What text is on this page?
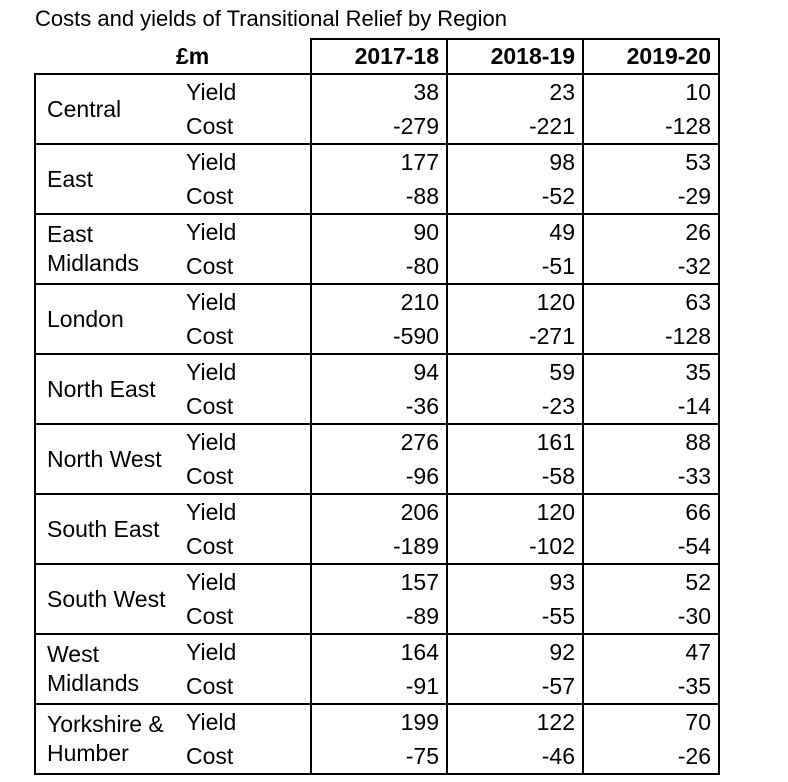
Costs and yields of Transitional Relief by Region
	£m	2017-18	2018-19	2019-20
Central	Yield	38	23	10
	Cost	-279	-221	-128
East	Yield	177	98	53
	Cost	-88	-52	-29
East Midlands	Yield	90	49	26
	Cost	-80	-51	-32
London	Yield	210	120	63
	Cost	-590	-271	-128
North East	Yield	94	59	35
	Cost	-36	-23	-14
North West	Yield	276	161	88
	Cost	-96	-58	-33
South East	Yield	206	120	66
	Cost	-189	-102	-54
South West	Yield	157	93	52
	Cost	-89	-55	-30
West Midlands	Yield	164	92	47
	Cost	-91	-57	-35
Yorkshire & Humber	Yield	199	122	70
	Cost	-75	-46	-26
